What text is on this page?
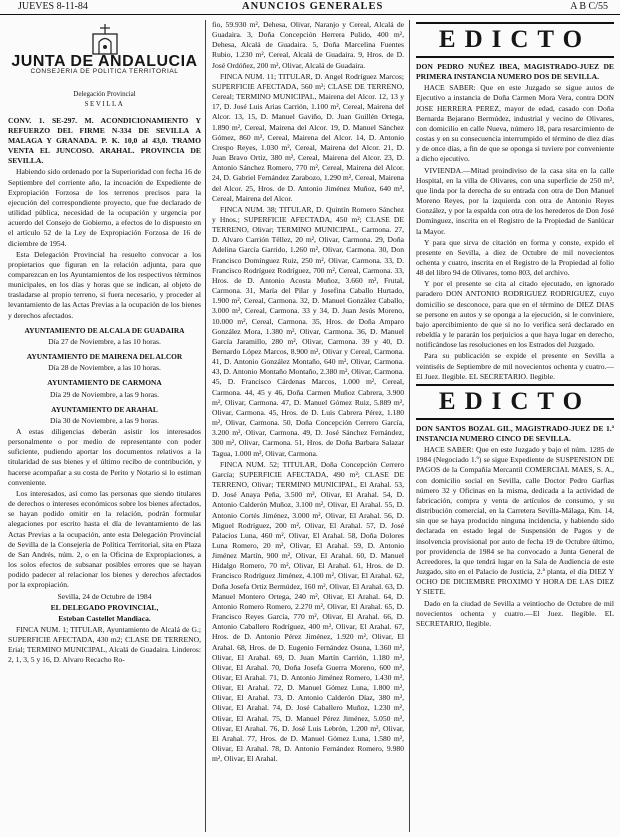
JUEVES 8-11-84	ANUNCIOS GENERALES	A B C/55
JUNTA DE ANDALUCIA
CONSEJERIA DE POLITICA TERRITORIAL
Delegación Provincial
SEVILLA

CONV. 1. SE-297. M. ACONDICIONAMIENTO Y REFUERZO DEL FIRME N-334 DE SEVILLA A MALAGA Y GRANADA. P. K. 10,0 al 43,0. TRAMO VENTA EL JUNCOSO. ARAHAL. PROVINCIA DE SEVILLA.

Habiendo sido ordenado por la Superioridad con fecha 16 de Septiembre del corriente año, la incoación de Expediente de Expropiación Forzosa de los terrenos precisos para la ejecución del correspondiente proyecto, que fue declarado de utilidad pública, necesidad de la ocupación y urgencia por acuerdo del Consejo de Gobierno, a efectos de lo dispuesto en el artículo 52 de la Ley de Expropiación Forzosa de 16 de diciembre de 1954.

Esta Delegación Provincial ha resuelto convocar a los propietarios que figuran en la relación adjunta, para que comparezcan en los Ayuntamientos de los respectivos términos municipales, en los días y horas que se indican, al objeto de trasladarse al propio terreno, si fuera necesario, y proceder al levantamiento de las Actas Previas a la ocupación de los bienes y derechos afectados.

AYUNTAMIENTO DE ALCALA DE GUADAIRA

Día 27 de Noviembre, a las 10 horas.

AYUNTAMIENTO DE MAIRENA DEL ALCOR

Día 28 de Noviembre, a las 10 horas.

AYUNTAMIENTO DE CARMONA

Día 29 de Noviembre, a las 9 horas.

AYUNTAMIENTO DE ARAHAL

Día 30 de Noviembre, a las 9 horas.

A estas diligencias deberán asistir los interesados personalmente o por medio de representante con poder suficiente, pudiendo aportar los documentos relativos a la titularidad de sus bienes y el último recibo de contribución, y hacerse acompañar a su costa de Perito y Notario si lo estiman conveniente.

Los interesados, así como las personas que siendo titulares de derechos o intereses económicos sobre los bienes afectados, se hayan podido omitir en la relación, podrán formular alegaciones por escrito hasta el día de levantamiento de las Actas Previas a la ocupación, ante esta Delegación Provincial de Sevilla de la Consejería de Política Territorial, sita en Plaza de San Andrés, núm. 2, o en la Oficina de Expropiaciones, a los solos efectos de subsanar posibles errores que se hayan podido padecer al relacionar los bienes y derechos afectados por la expropiación.

Sevilla, 24 de Octubre de 1984

EL DELEGADO PROVINCIAL,

Esteban Castellet Mandiaca.

FINCA NUM. 1; TITULAR, Ayuntamiento de Alcalá de G.; SUPERFICIE AFECTADA, 430 m2; CLASE DE TERRENO, Erial; TERMINO MUNICIPAL, Alcalá de Guadaira. Linderos: 2, 1, 3, 5 y 16, D. Alvaro Recacho Ro-

fio, 59.930 m², Dehesa, Olivar, Naranjo y Cereal, Alcalá de Guadaira. 3, Doña Concepción Herrera Pulido, 400 m², Dehesa, Alcalá de Guadaira. 5, Doña Marcelina Fuentes Rubio, 1.230 m², Cereal, Alcalá de Guadaira. 9, Hros. de D. José Ordóñez, 200 m², Olivar, Alcalá de Guadaira.

FINCA NUM. 11; TITULAR, D. Angel Rodríguez Marcos; SUPERFICIE AFECTADA, 560 m²; CLASE DE TERRENO, Cereal; TERMINO MUNICIPAL, Mairena del Alcor. 12, 13 y 17, D. José Luis Arias Carrión, 1.100 m², Cereal, Mairena del Alcor. 13, 15, D. Manuel Gaviño, D. Juan Guillén Ortega, 1.890 m², Cereal, Mairena del Alcor. 19, D. Manuel Sánchez Gómez, 860 m², Cereal, Mairena del Alcor. 14, D. Antonio Crespo Reyes, 1.030 m², Cereal, Mairena del Alcor. 21, D. Juan Bravo Ortiz, 380 m², Cereal, Mairena del Alcor. 23, D. Antonio Sánchez Romero, 770 m², Cereal, Mairena del Alcor. 24, D. Gabriel Fernández Zarabozo, 1.290 m², Cereal, Mairena del Alcor. 25, Hros. de D. Antonio Jiménez Muñoz, 640 m², Cereal, Mairena del Alcor.

FINCA NUM. 38; TITULAR, D. Quintín Romero Sánchez y Hnos.; SUPERFICIE AFECTADA, 450 m²; CLASE DE TERRENO, Olivar; TERMINO MUNICIPAL, Carmona. 27, D. Alvaro Carrión Téllez, 20 m², Olivar, Carmona. 29, Doña Adelina García Garrido, 1.260 m², Olivar, Carmona. 30, Don Francisco Domínguez Ruiz, 250 m², Olivar, Carmona. 33, D. Francisco Rodríguez Rodríguez, 700 m², Cereal, Carmona. 33, Hros. de D. Antonio Acosta Muñoz, 3.660 m², Frutal, Carmona. 31, María del Pilar y Josefina Caballo Hurtado, 1.900 m², Cereal, Carmona. 32, D. Manuel González Caballo, 3.000 m², Cereal, Carmona. 33 y 34, D. Juan Jesús Moreno, 10.000 m², Cereal, Carmona. 35, Hros. de Doña Amparo González Mora, 1.380 m², Olivar, Carmona. 36, D. Manuel García Jaramillo, 280 m², Olivar, Carmona. 39 y 40, D. Bernardo López Marcos, 8.900 m², Olivar y Cereal, Carmona. 41, D. Antonio González Montaño, 640 m², Olivar, Carmona. 43, D. Antonio Montaño Montaño, 2.380 m², Olivar, Carmona. 45, D. Francisco Cárdenas Marcos, 1.000 m², Cereal, Carmona. 44, 45 y 46, Doña Carmen Muñoz Cabrera, 3.900 m², Olivar, Carmona. 47, D. Manuel Gómez Ruiz, 5.889 m², Olivar, Carmona. 45, Hros. de D. Luis Cabrera Pérez, 1.180 m², Olivar, Carmona. 50, Doña Concepción Cerrero García, 3.200 m², Olivar, Carmona. 49, D. José Sánchez Fernández, 300 m², Olivar, Carmona. 51, Hros. de Doña Barbara Salazar Tagua, 1.000 m², Olivar, Carmona.

FINCA NUM. 52; TITULAR, Doña Concepción Cerrero García; SUPERFICIE AFECTADA, 490 m²; CLASE DE TERRENO, Olivar; TERMINO MUNICIPAL, El Arahal. 53, D. José Anaya Peña, 3.500 m², Olivar, El Arahal. 54, D. Antonio Calderón Muñoz, 3.100 m², Olivar, El Arahal. 55, D. Antonio Cortés Jiménez, 3.000 m², Olivar, El Arahal. 56, D. Miguel Rodríguez, 200 m², Olivar, El Arahal. 57, D. José Palacios Luna, 460 m², Olivar, El Arahal. 58, Doña Dolores Luna Romero, 20 m², Olivar, El Arahal. 59, D. Antonio Jiménez Martín, 900 m², Olivar, El Arahal. 60, D. Manuel Hidalgo Romero, 70 m², Olivar, El Arahal. 61, Hros. de D. Francisco Rodríguez Jiménez, 4.100 m², Olivar, El Arahal. 62, Doña Josefa Ortiz Bermúdez, 160 m², Olivar, El Arahal. 63, D. Manuel Montero Ortega, 240 m², Olivar, El Arahal. 64, D. Antonio Romero Romero, 2.270 m², Olivar, El Arahal. 65, D. Francisco Reyes García, 770 m², Olivar, El Arahal. 66, D. Antonio Caballero Rodríguez, 400 m², Olivar, El Arahal. 67, Hros. de D. Antonio Pérez Jiménez, 1.920 m², Olivar, El Arahal. 68, Hros. de D. Eugenio Fernández Osuna, 1.360 m², Olivar, El Arahal. 69, D. Juan Martín Carrión, 1.180 m², Olivar, El Arahal. 70, Doña Josefa Guerra Moreno, 600 m², Olivar, El Arahal. 71, D. Antonio Jiménez Romero, 1.430 m², Olivar, El Arahal. 72, D. Manuel Gómez Luna, 1.800 m², Olivar, El Arahal. 73, D. Antonio Calderón Díaz, 380 m², Olivar, El Arahal. 74, D. José Caballero Muñoz, 1.230 m², Olivar, El Arahal. 75, D. Manuel Pérez Jiménez, 5.050 m², Olivar, El Arahal. 76, D. José Luis Lebrón, 1.200 m², Olivar, El Arahal. 77, Hros. de D. Manuel Gómez Luna, 1.580 m², Olivar, El Arahal. 78, D. Antonio Fernández Romero, 9.980 m², Olivar, El Arahal.

EDICTO

DON PEDRO NUÑEZ IBEA, MAGISTRADO-JUEZ DE PRIMERA INSTANCIA NUMERO DOS DE SEVILLA.

HACE SABER: Que en este Juzgado se sigue autos de Ejecutivo a instancia de Doña Carmen Mora Vera, contra DON JOSE HERRERA PEREZ, mayor de edad, casado con Doña Bernarda Bejarano Bermúdez, industrial y vecino de Olivares, con domicilio en calle Nueva, número 18, para resarcimiento de costas y en su consecuencia interrumpido el término de diez días y de once días, a fin de que se oponga si tuviere por conveniente a dicho ejecutivo.

VIVIENDA.—Mitad proindiviso de la casa sita en la calle Hospital, en la villa de Olivares, con una superficie de 250 m², que linda por la derecha de su entrada con otra de Don Manuel Moreno Reyes, por la izquierda con otra de Antonio Reyes González, y por la espalda con otra de los herederos de Don José Domínguez, inscrita en el Registro de la Propiedad de Sanlúcar la Mayor.

Y para que sirva de citación en forma y conste, expido el presente en Sevilla, a diez de Octubre de mil novecientos ochenta y cuatro, inscrita en el Registro de la Propiedad al folio 48 del libro 94 de Olivares, tomo 803, del archivo.

Y por el presente se cita al citado ejecutado, en ignorado paradero DON ANTONIO RODRIGUEZ RODRIGUEZ, cuyo domicilio se desconoce, para que en el término de DIEZ DIAS se persone en autos y se oponga a la ejecución, si le conviniere, bajo apercibimiento de que si no lo verifica será declarado en rebeldía y le pararán los perjuicios a que haya lugar en derecho, notificándose las resoluciones en los Estrados del Juzgado.

Para su publicación se expide el presente en Sevilla a veintiséis de Septiembre de mil novecientos ochenta y cuatro.—El Juez. Ilegible. EL SECRETARIO. Ilegible.

EDICTO

DON SANTOS BOZAL GIL, MAGISTRADO-JUEZ DE 1.ª INSTANCIA NUMERO CINCO DE SEVILLA.

HACE SABER: Que en este Juzgado y bajo el núm. 1285 de 1984 (Negociado 1.º) se sigue Expediente de SUSPENSION DE PAGOS de la Compañía Mercantil COMERCIAL MAES, S. A., con domicilio social en Sevilla, calle Doctor Pedro Garfias número 32 y Oficinas en la misma, dedicada a la actividad de fabricación, compra y venta de artículos de consumo, y su distribución comercial, en la Carretera Sevilla-Málaga, Km. 14, sin que se haya producido ninguna incidencia, y habiendo sido declarada en estado legal de Suspensión de Pagos y de insolvencia provisional por auto de fecha 19 de Octubre último, por providencia de 1984 se ha convocado a Junta General de Acreedores, la que tendrá lugar en la Sala de Audiencia de este Juzgado, sito en el Palacio de Justicia, 2.ª planta, el día DIEZ Y OCHO DE DICIEMBRE PROXIMO Y HORA DE LAS DIEZ Y SIETE.

Dado en la ciudad de Sevilla a veintiocho de Octubre de mil novecientos ochenta y cuatro.—El Juez. Ilegible. EL SECRETARIO, Ilegible.
